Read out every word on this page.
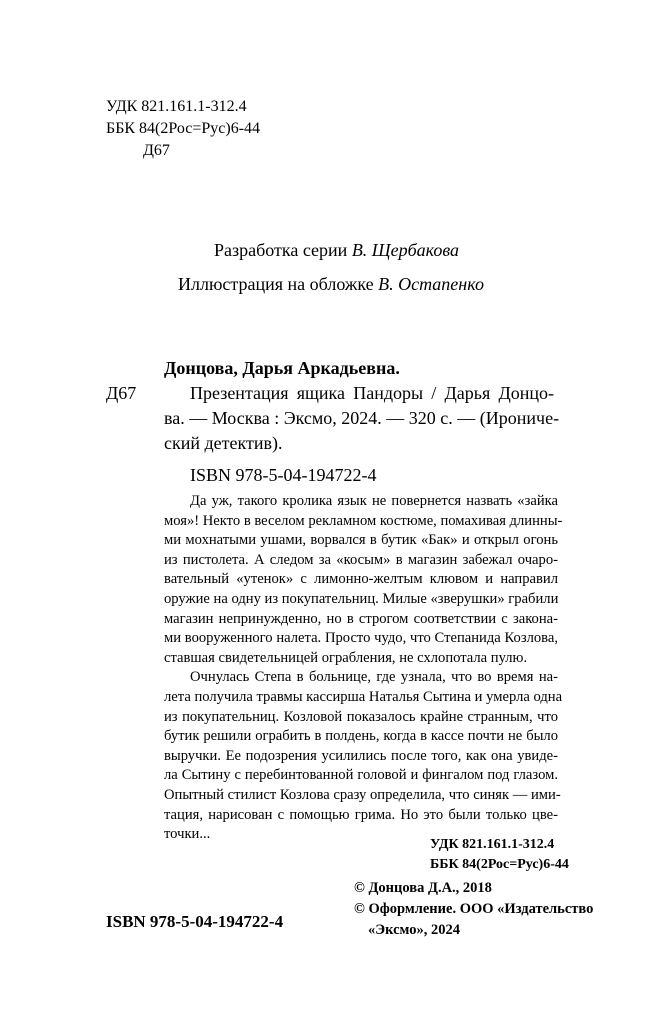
УДК 821.161.1-312.4
ББК 84(2Рос=Рус)6-44
Д67
Разработка серии В. Щербакова
Иллюстрация на обложке В. Остапенко
Донцова, Дарья Аркадьевна.
Д67	Презентация ящика Пандоры / Дарья Донцо-
ва. — Москва : Эксмо, 2024. — 320 с. — (Ирониче-
ский детектив).
ISBN 978-5-04-194722-4
Да уж, такого кролика язык не повернется назвать «зайка
моя»! Некто в веселом рекламном костюме, помахивая длинны-
ми мохнатыми ушами, ворвался в бутик «Бак» и открыл огонь
из пистолета. А следом за «косым» в магазин забежал очаро-
вательный «утенок» с лимонно-желтым клювом и направил
оружие на одну из покупательниц. Милые «зверушки» грабили
магазин непринужденно, но в строгом соответствии с закона-
ми вооруженного налета. Просто чудо, что Степанида Козлова,
ставшая свидетельницей ограбления, не схлопотала пулю.
Очнулась Степа в больнице, где узнала, что во время на-
лета получила травмы кассирша Наталья Сытина и умерла одна
из покупательниц. Козловой показалось крайне странным, что
бутик решили ограбить в полдень, когда в кассе почти не было
выручки. Ее подозрения усилились после того, как она увиде-
ла Сытину с перебинтованной головой и фингалом под глазом.
Опытный стилист Козлова сразу определила, что синяк — ими-
тация, нарисован с помощью грима. Но это были только цве-
точки...
УДК 821.161.1-312.4
ББК 84(2Рос=Рус)6-44
© Донцова Д.А., 2018
© Оформление. ООО «Издательство
«Эксмо», 2024
ISBN 978-5-04-194722-4
